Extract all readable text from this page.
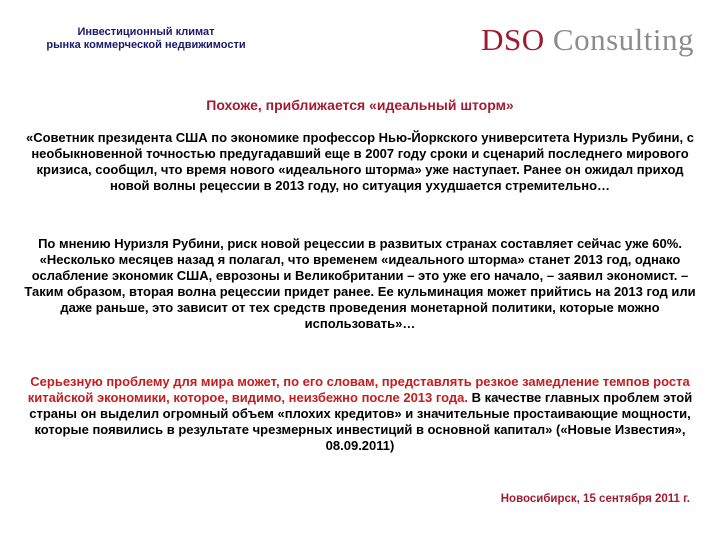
Инвестиционный климат
рынка коммерческой недвижимости	DSO Consulting
Похоже, приближается «идеальный шторм»
«Советник президента США по экономике профессор Нью-Йоркского университета Нуризль Рубини, с необыкновенной точностью предугадавший еще в 2007 году сроки и сценарий последнего мирового кризиса, сообщил, что время нового «идеального шторма» уже наступает. Ранее он ожидал приход новой волны рецессии в 2013 году, но ситуация ухудшается стремительно…
По мнению Нуризля Рубини, риск новой рецессии в развитых странах составляет сейчас уже 60%. «Несколько месяцев назад я полагал, что временем «идеального шторма» станет 2013 год, однако ослабление экономик США, еврозоны и Великобритании – это уже его начало, – заявил экономист. – Таким образом, вторая волна рецессии придет ранее. Ее кульминация может прийтись на 2013 год или даже раньше, это зависит от тех средств проведения монетарной политики, которые можно использовать»…
Серьезную проблему для мира может, по его словам, представлять резкое замедление темпов роста китайской экономики, которое, видимо, неизбежно после 2013 года. В качестве главных проблем этой страны он выделил огромный объем «плохих кредитов» и значительные простаивающие мощности, которые появились в результате чрезмерных инвестиций в основной капитал» («Новые Известия», 08.09.2011)
Новосибирск, 15 сентября 2011 г.
